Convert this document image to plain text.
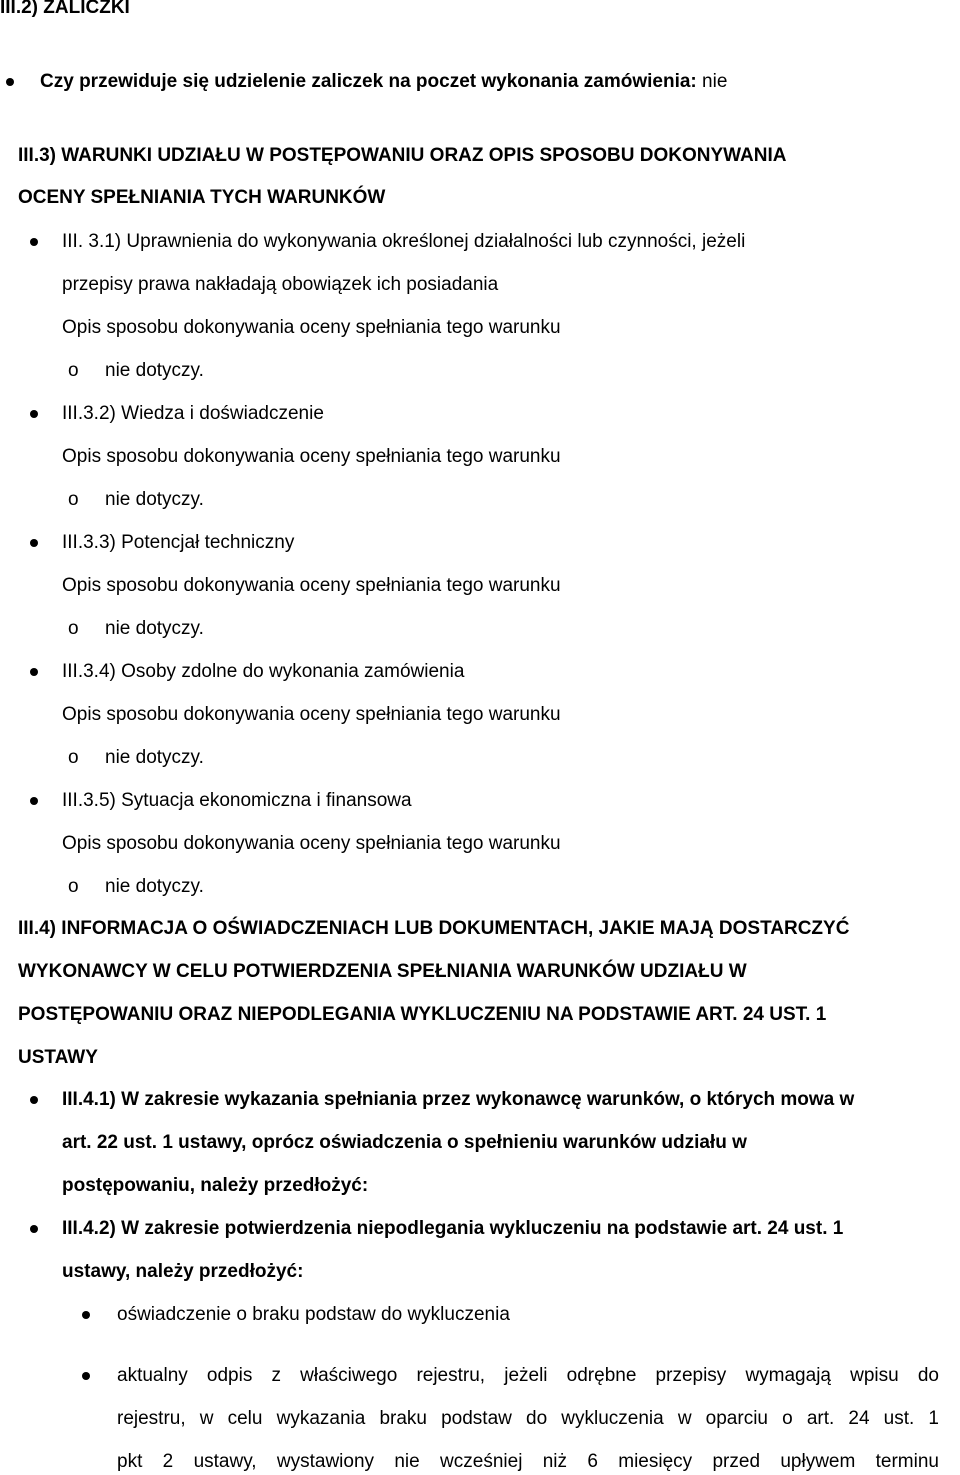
III.2) ZALICZKI
Czy przewiduje się udzielenie zaliczek na poczet wykonania zamówienia: nie
III.3) WARUNKI UDZIAŁU W POSTĘPOWANIU ORAZ OPIS SPOSOBU DOKONYWANIA
OCENY SPEŁNIANIA TYCH WARUNKÓW
III. 3.1) Uprawnienia do wykonywania określonej działalności lub czynności, jeżeli
przepisy prawa nakładają obowiązek ich posiadania
Opis sposobu dokonywania oceny spełniania tego warunku
o nie dotyczy.
III.3.2) Wiedza i doświadczenie
Opis sposobu dokonywania oceny spełniania tego warunku
o nie dotyczy.
III.3.3) Potencjał techniczny
Opis sposobu dokonywania oceny spełniania tego warunku
o nie dotyczy.
III.3.4) Osoby zdolne do wykonania zamówienia
Opis sposobu dokonywania oceny spełniania tego warunku
o nie dotyczy.
III.3.5) Sytuacja ekonomiczna i finansowa
Opis sposobu dokonywania oceny spełniania tego warunku
o nie dotyczy.
III.4) INFORMACJA O OŚWIADCZENIACH LUB DOKUMENTACH, JAKIE MAJĄ DOSTARCZYĆ
WYKONAWCY W CELU POTWIERDZENIA SPEŁNIANIA WARUNKÓW UDZIAŁU W
POSTĘPOWANIU ORAZ NIEPODLEGANIA WYKLUCZENIU NA PODSTAWIE ART. 24 UST. 1
USTAWY
III.4.1) W zakresie wykazania spełniania przez wykonawcę warunków, o których mowa w
art. 22 ust. 1 ustawy, oprócz oświadczenia o spełnieniu warunków udziału w
postępowaniu, należy przedłożyć:
III.4.2) W zakresie potwierdzenia niepodlegania wykluczeniu na podstawie art. 24 ust. 1
ustawy, należy przedłożyć:
oświadczenie o braku podstaw do wykluczenia
aktualny odpis z właściwego rejestru, jeżeli odrębne przepisy wymagają wpisu do
rejestru, w celu wykazania braku podstaw do wykluczenia w oparciu o art. 24 ust. 1
pkt 2 ustawy, wystawiony nie wcześniej niż 6 miesięcy przed upływem terminu
